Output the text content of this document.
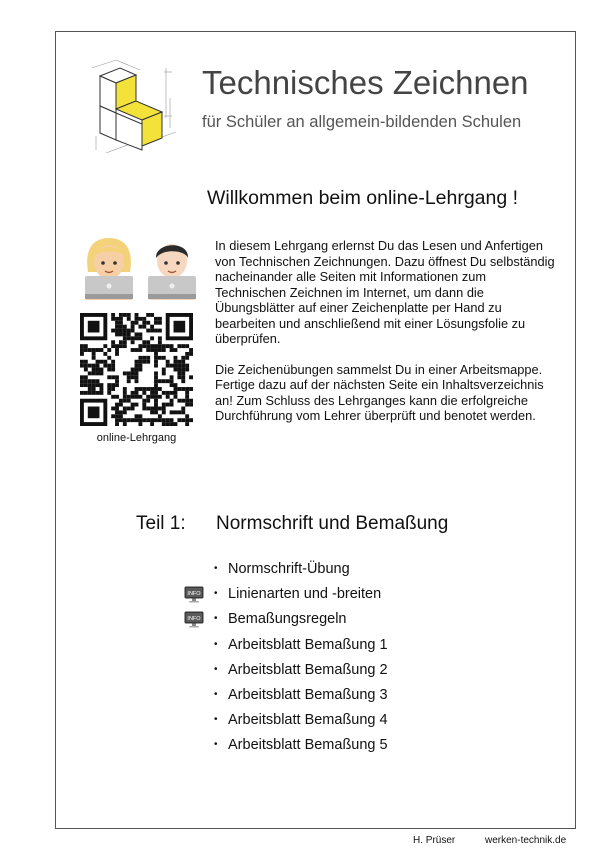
Technisches Zeichnen
für Schüler an allgemein-bildenden Schulen
Willkommen beim online-Lehrgang !

In diesem Lehrgang erlernst Du das Lesen und Anfertigen von Technischen Zeichnungen. Dazu öffnest Du selbständig nacheinander alle Seiten mit Informationen zum Technischen Zeichnen im Internet, um dann die Übungsblätter auf einer Zeichenplatte per Hand zu bearbeiten und anschließend mit einer Lösungsfolie zu überprüfen.

Die Zeichenübungen sammelst Du in einer Arbeitsmappe. Fertige dazu auf der nächsten Seite ein Inhaltsverzeichnis an! Zum Schluss des Lehrganges kann die erfolgreiche Durchführung vom Lehrer überprüft und benotet werden.

online-Lehrgang
Teil 1: Normschrift und Bemaßung
• Normschrift-Übung
• Linienarten und -breiten
• Bemaßungsregeln
• Arbeitsblatt Bemaßung 1
• Arbeitsblatt Bemaßung 2
• Arbeitsblatt Bemaßung 3
• Arbeitsblatt Bemaßung 4
• Arbeitsblatt Bemaßung 5
INFO
INFO
H. Prüser	werken-technik.de
